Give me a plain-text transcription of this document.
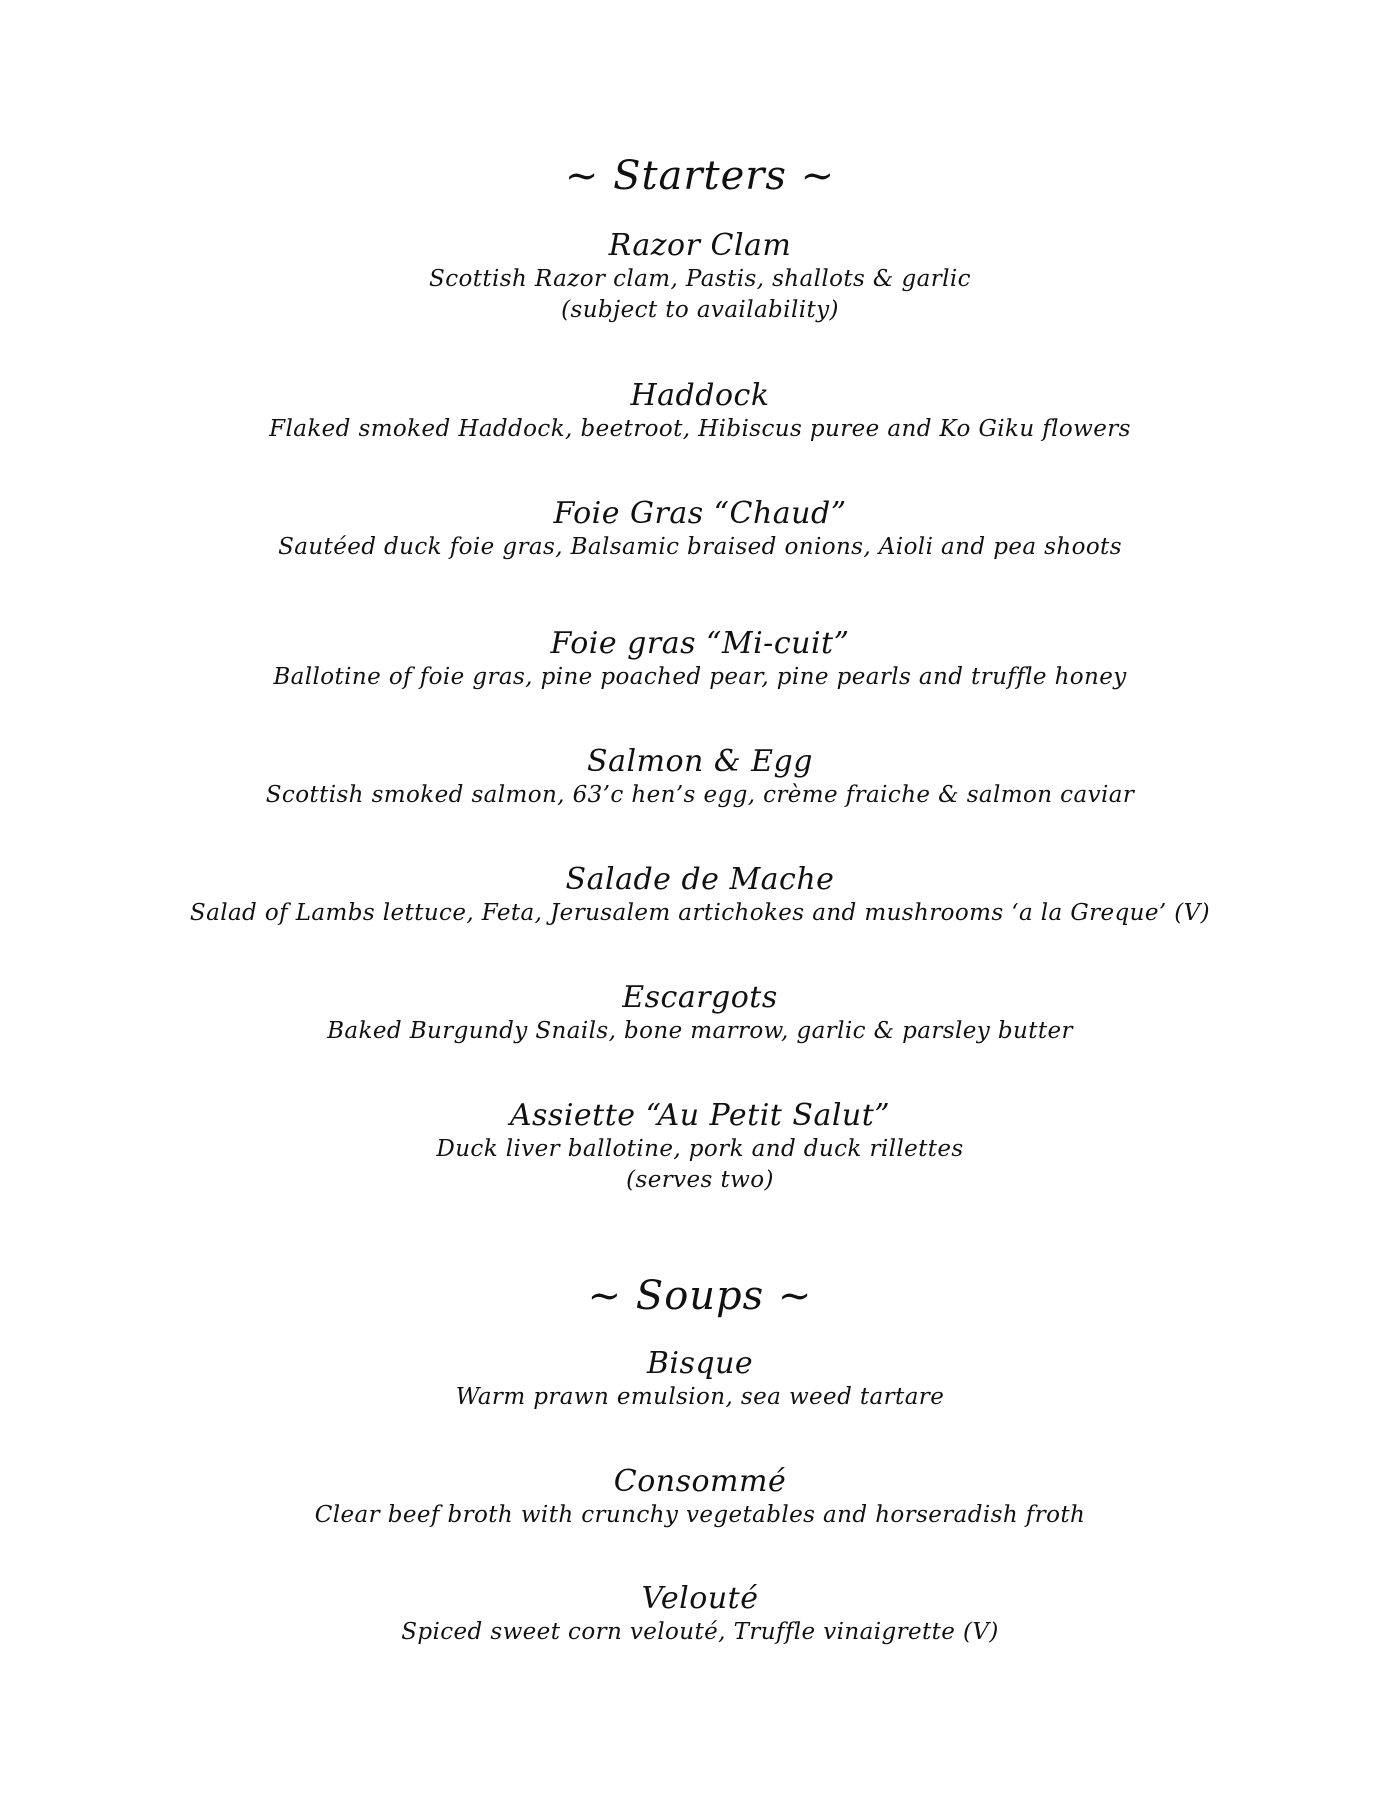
~ Starters ~
Razor Clam
Scottish Razor clam, Pastis, shallots & garlic
(subject to availability)
Haddock
Flaked smoked Haddock, beetroot, Hibiscus puree and Ko Giku flowers
Foie Gras “Chaud”
Sautéed duck foie gras, Balsamic braised onions, Aioli and pea shoots
Foie gras “Mi-cuit”
Ballotine of foie gras, pine poached pear, pine pearls and truffle honey
Salmon & Egg
Scottish smoked salmon, 63’c hen’s egg, crème fraiche & salmon caviar
Salade de Mache
Salad of Lambs lettuce, Feta, Jerusalem artichokes and mushrooms ‘a la Greque’ (V)
Escargots
Baked Burgundy Snails, bone marrow, garlic & parsley butter
Assiette “Au Petit Salut”
Duck liver ballotine, pork and duck rillettes
(serves two)
~ Soups ~
Bisque
Warm prawn emulsion, sea weed tartare
Consommé
Clear beef broth with crunchy vegetables and horseradish froth
Velouté
Spiced sweet corn velouté, Truffle vinaigrette (V)
